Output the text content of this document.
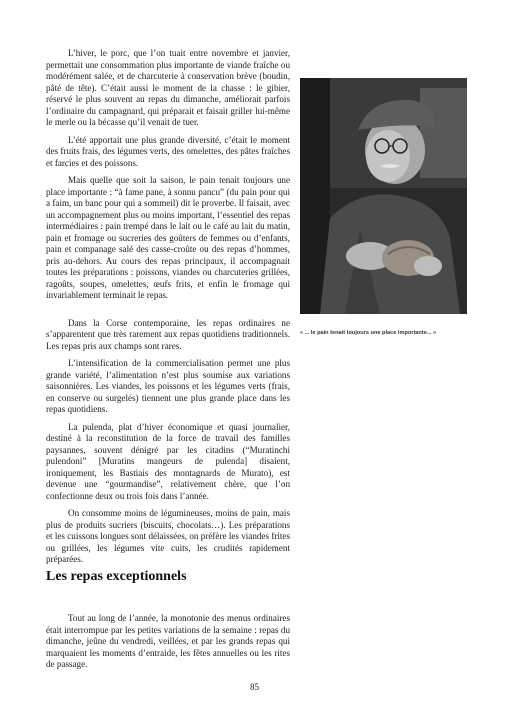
L’hiver, le porc, que l’on tuait entre novembre et janvier, permettait une consommation plus importante de viande fraîche ou modérément salée, et de charcuterie à conservation brève (boudin, pâté de tête). C’était aussi le moment de la chasse : le gibier, réservé le plus souvent au repas du dimanche, améliorait parfois l’ordinaire du campagnard, qui préparait et faisait griller lui-même le merle ou la bécasse qu’il venait de tuer.

L’été apportait une plus grande diversité, c’était le moment des fruits frais, des légumes verts, des omelettes, des pâtes fraîches et farcies et des poissons.

Mais quelle que soit la saison, le pain tenait toujours une place importante : “à fame pane, à sonnu pancu” (du pain pour qui a faim, un banc pour qui a sommeil) dit le proverbe. Il faisait, avec un accompagnement plus ou moins important, l’essentiel des repas intermédiaires : pain trempé dans le lait ou le café au lait du matin, pain et fromage ou sucreries des goûters de femmes ou d’enfants, pain et companage salé des casse-croûte ou des repas d’hommes, pris au-dehors. Au cours des repas principaux, il accompagnait toutes les préparations : poissons, viandes ou charcuteries grillées, ragoûts, soupes, omelettes, œufs frits, et enfin le fromage qui invariablement terminait le repas.

Dans la Corse contemporaine, les repas ordinaires ne s’apparentent que très rarement aux repas quotidiens traditionnels. Les repas pris aux champs sont rares.

L’intensification de la commercialisation permet une plus grande variété, l’alimentation n’est plus soumise aux variations saisonnières. Les viandes, les poissons et les légumes verts (frais, en conserve ou surgelés) tiennent une plus grande place dans les repas quotidiens.

La pulenda, plat d’hiver économique et quasi journalier, destiné à la reconstitution de la force de travail des familles paysannes, souvent dénigré par les citadins (“Muratinchi pulendoni” [Muratins mangeurs de pulenda] disaient, ironiquement, les Bastiais des montagnards de Murato), est devenue une “gourmandise”, relativement chère, que l’on confectionne deux ou trois fois dans l’année.

On consomme moins de légumineuses, moins de pain, mais plus de produits sucriers (biscuits, chocolats…). Les préparations et les cuissons longues sont délaissées, on préfère les viandes frites ou grillées, les légumes vite cuits, les crudités rapidement préparées.

« ... le pain tenait toujours une place importante... »
Les repas exceptionnels

Tout au long de l’année, la monotonie des menus ordinaires était interrompue par les petites variations de la semaine : repas du dimanche, jeûne du vendredi, veillées, et par les grands repas qui marquaient les moments d’entraide, les fêtes annuelles ou les rites de passage.

85
